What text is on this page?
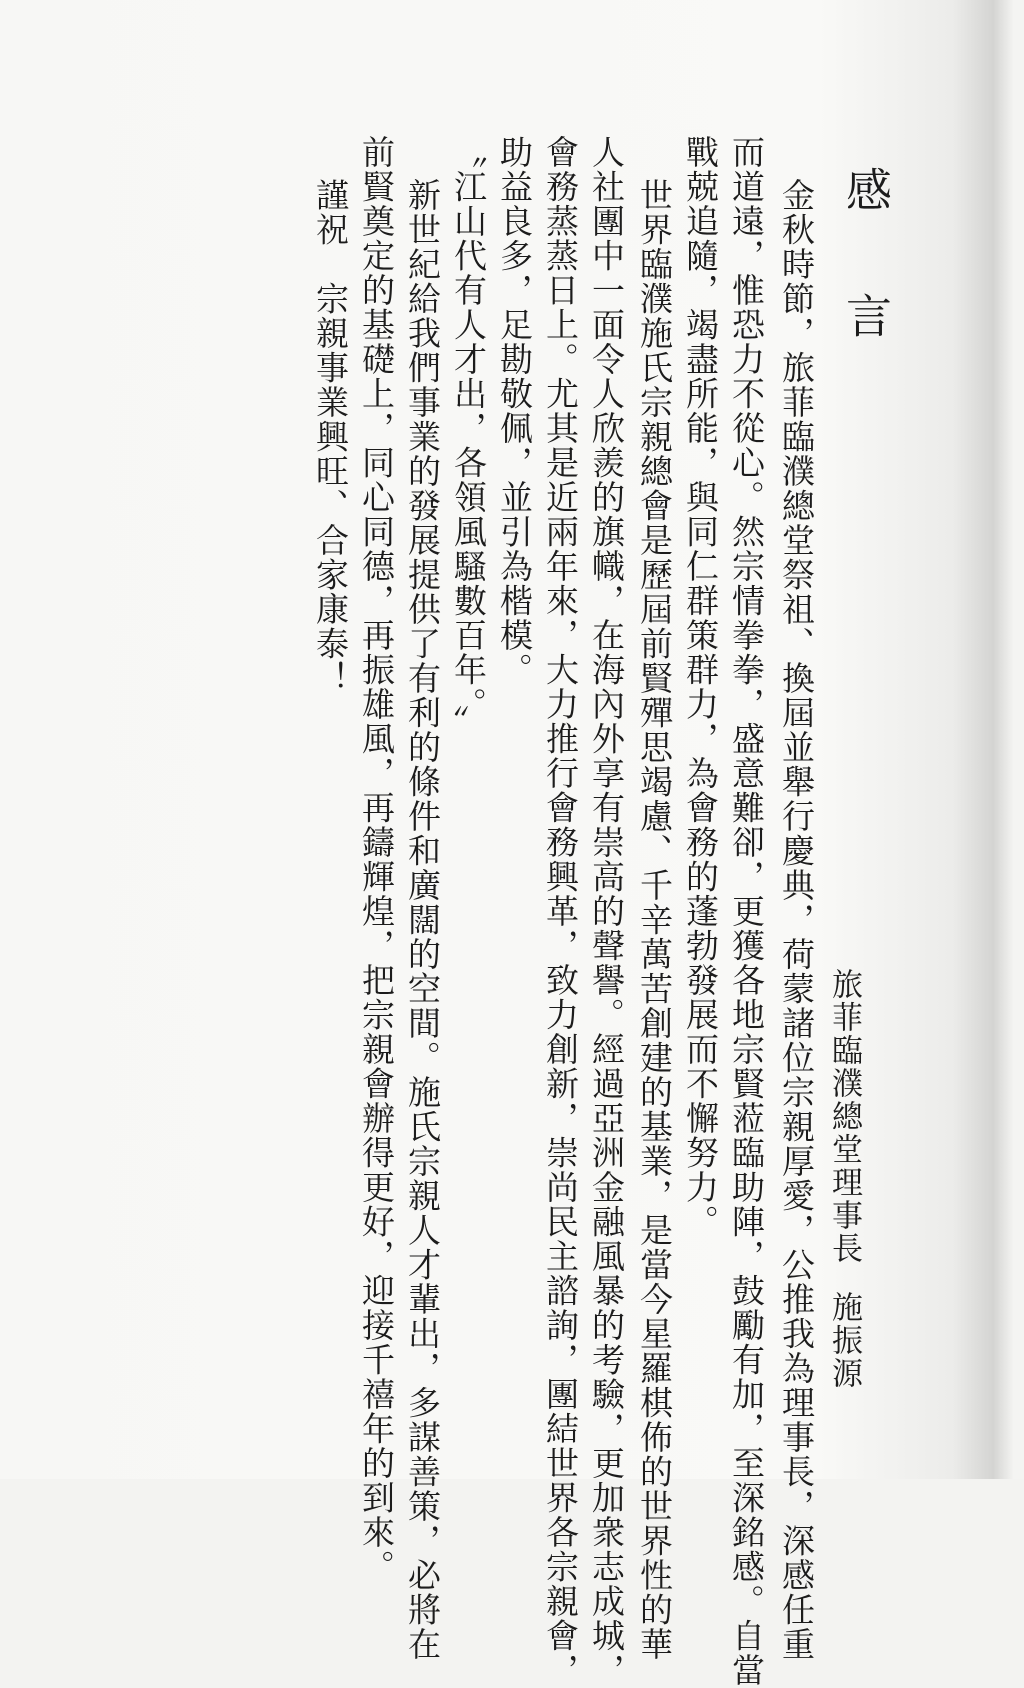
感言
旅菲臨濮總堂理事長施振源
金秋時節，旅菲臨濮總堂祭祖、換屆並舉行慶典，荷蒙諸位宗親厚愛，公推我為理事長，深感任重
而道遠，惟恐力不從心。然宗情拳拳，盛意難卻，更獲各地宗賢蒞臨助陣，鼓勵有加，至深銘感。自當
戰兢追隨，竭盡所能，與同仁群策群力，為會務的蓬勃發展而不懈努力。
世界臨濮施氏宗親總會是歷屆前賢殫思竭慮、千辛萬苦創建的基業，是當今星羅棋佈的世界性的華
人社團中一面令人欣羨的旗幟，在海內外享有崇高的聲譽。經過亞洲金融風暴的考驗，更加衆志成城，
會務蒸蒸日上。尤其是近兩年來，大力推行會務興革，致力創新，崇尚民主諮詢，團結世界各宗親會，
助益良多，足勘敬佩，並引為楷模。
〝江山代有人才出，各領風騷數百年。〞
新世紀給我們事業的發展提供了有利的條件和廣闊的空間。施氏宗親人才輩出，多謀善策，必將在
前賢奠定的基礎上，同心同德，再振雄風，再鑄輝煌，把宗親會辦得更好，迎接千禧年的到來。
謹祝　宗親事業興旺、合家康泰！
